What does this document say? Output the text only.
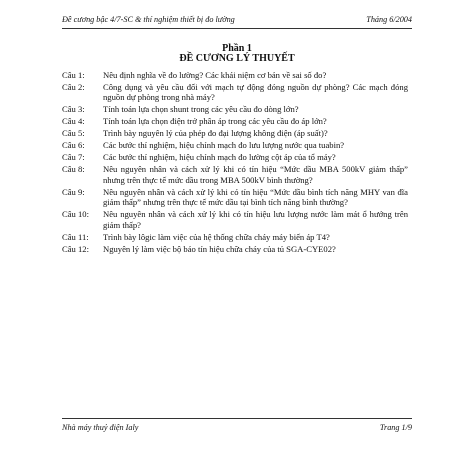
Đề cương bậc 4/7-SC & thí nghiệm thiết bị đo lường	Tháng 6/2004
Phần 1
ĐỀ CƯƠNG LÝ THUYẾT
Câu 1: Nêu định nghĩa về đo lường? Các khái niệm cơ bản về sai số đo?
Câu 2: Công dụng và yêu cầu đối với mạch tự động đóng nguồn dự phòng? Các mạch đóng nguồn dự phòng trong nhà máy?
Câu 3: Tính toán lựa chọn shunt trong các yêu cầu đo dòng lớn?
Câu 4: Tính toán lựa chọn điện trở phân áp trong các yêu cầu đo áp lớn?
Câu 5: Trình bày nguyên lý của phép đo đại lượng không điện (áp suất)?
Câu 6: Các bước thí nghiệm, hiệu chỉnh mạch đo lưu lượng nước qua tuabin?
Câu 7: Các bước thí nghiệm, hiệu chỉnh mạch đo lường cột áp của tổ máy?
Câu 8: Nêu nguyên nhân và cách xử lý khi có tín hiệu “Mức dầu MBA 500kV giảm thấp” nhưng trên thực tế mức dầu trong MBA 500kV bình thường?
Câu 9: Nêu nguyên nhân và cách xử lý khi có tín hiệu “Mức dầu bình tích năng MHY van đĩa giảm thấp” nhưng trên thực tế mức dầu tại bình tích năng bình thường?
Câu 10: Nêu nguyên nhân và cách xử lý khi có tín hiệu lưu lượng nước làm mát ổ hướng trên giảm thấp?
Câu 11: Trình bày lôgic làm việc của hệ thống chữa cháy máy biến áp T4?
Câu 12: Nguyên lý làm việc bộ báo tín hiệu chữa cháy của tủ SGA-CYE02?
Nhà máy thuỷ điện Ialy	Trang 1/9
